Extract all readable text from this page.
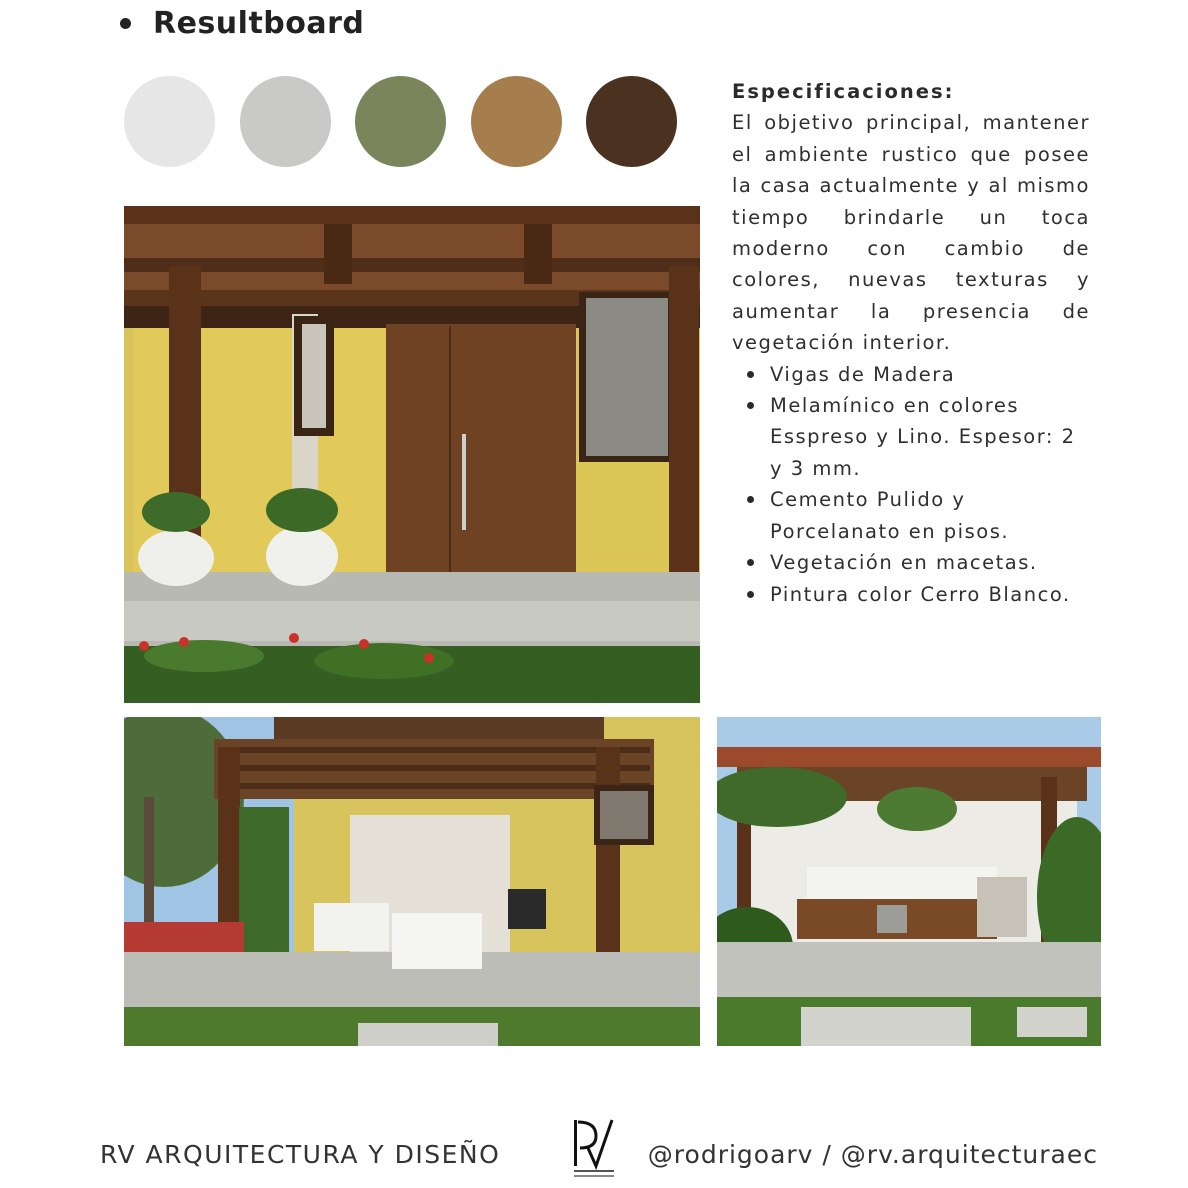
Resultboard
Especificaciones:
El objetivo principal, mantener el ambiente rustico que posee la casa actualmente y al mismo tiempo brindarle un toca moderno con cambio de colores, nuevas texturas y aumentar la presencia de vegetación interior.
Vigas de Madera
Melamínico en colores Esspreso y Lino. Espesor: 2 y 3 mm.
Cemento Pulido y Porcelanato en pisos.
Vegetación en macetas.
Pintura color Cerro Blanco.
RV ARQUITECTURA Y DISEÑO	@rodrigoarv / @rv.arquitecturaec
